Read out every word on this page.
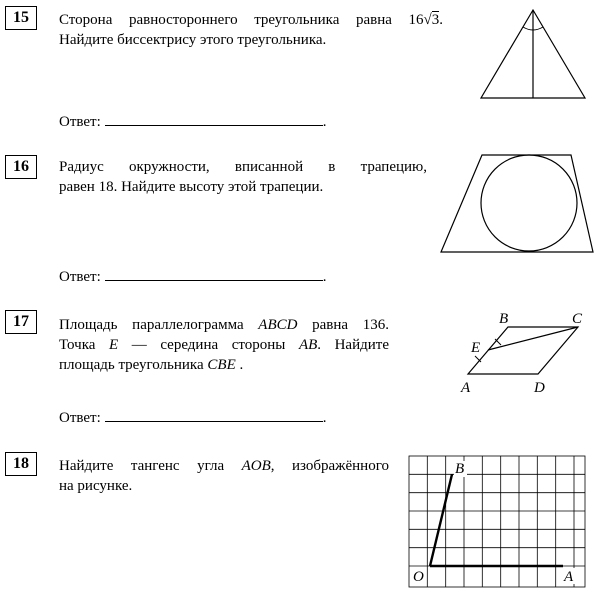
15	Сторона равностороннего треугольника равна 16√3.
Найдите биссектрису этого треугольника.
Ответ:	.
16	Радиус окружности, вписанной в трапецию,
равен 18. Найдите высоту этой трапеции.
Ответ:	.
17	Площадь параллелограмма ABCD равна 136.
Точка E — середина стороны AB. Найдите
площадь треугольника CBE .
Ответ:	.
B	C
E
A	D
18	Найдите тангенс угла AOB, изображённого
на рисунке.
B
O	A
